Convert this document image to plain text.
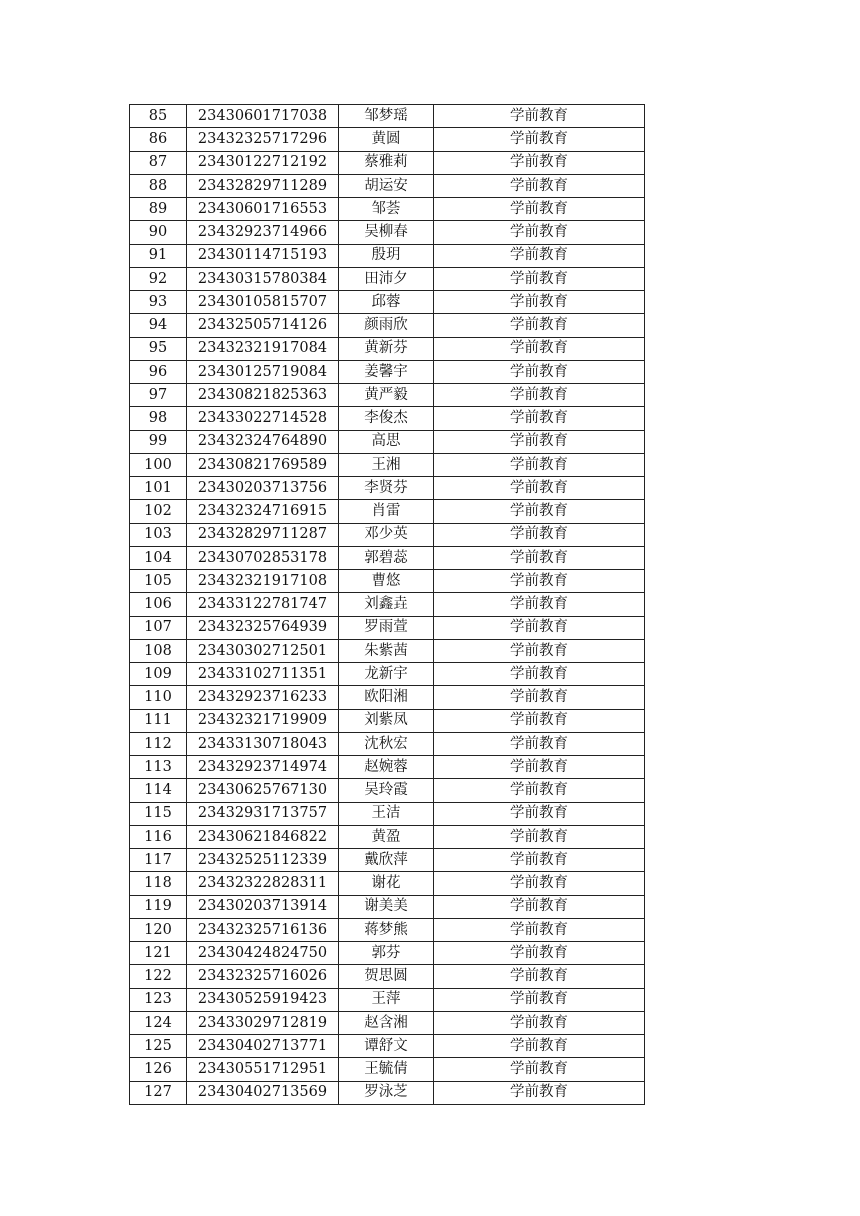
85	23430601717038	邹梦瑶	学前教育
86	23432325717296	黄圆	学前教育
87	23430122712192	蔡雅莉	学前教育
88	23432829711289	胡运安	学前教育
89	23430601716553	邹荟	学前教育
90	23432923714966	吴柳春	学前教育
91	23430114715193	殷玥	学前教育
92	23430315780384	田沛夕	学前教育
93	23430105815707	邱蓉	学前教育
94	23432505714126	颜雨欣	学前教育
95	23432321917084	黄新芬	学前教育
96	23430125719084	姜馨宇	学前教育
97	23430821825363	黄严毅	学前教育
98	23433022714528	李俊杰	学前教育
99	23432324764890	高思	学前教育
100	23430821769589	王湘	学前教育
101	23430203713756	李贤芬	学前教育
102	23432324716915	肖雷	学前教育
103	23432829711287	邓少英	学前教育
104	23430702853178	郭碧蕊	学前教育
105	23432321917108	曹悠	学前教育
106	23433122781747	刘鑫垚	学前教育
107	23432325764939	罗雨萱	学前教育
108	23430302712501	朱紫茜	学前教育
109	23433102711351	龙新宇	学前教育
110	23432923716233	欧阳湘	学前教育
111	23432321719909	刘紫凤	学前教育
112	23433130718043	沈秋宏	学前教育
113	23432923714974	赵婉蓉	学前教育
114	23430625767130	吴玲霞	学前教育
115	23432931713757	王洁	学前教育
116	23430621846822	黄盈	学前教育
117	23432525112339	戴欣萍	学前教育
118	23432322828311	谢花	学前教育
119	23430203713914	谢美美	学前教育
120	23432325716136	蒋梦熊	学前教育
121	23430424824750	郭芬	学前教育
122	23432325716026	贺思圆	学前教育
123	23430525919423	王萍	学前教育
124	23433029712819	赵含湘	学前教育
125	23430402713771	谭舒文	学前教育
126	23430551712951	王毓倩	学前教育
127	23430402713569	罗泳芝	学前教育
